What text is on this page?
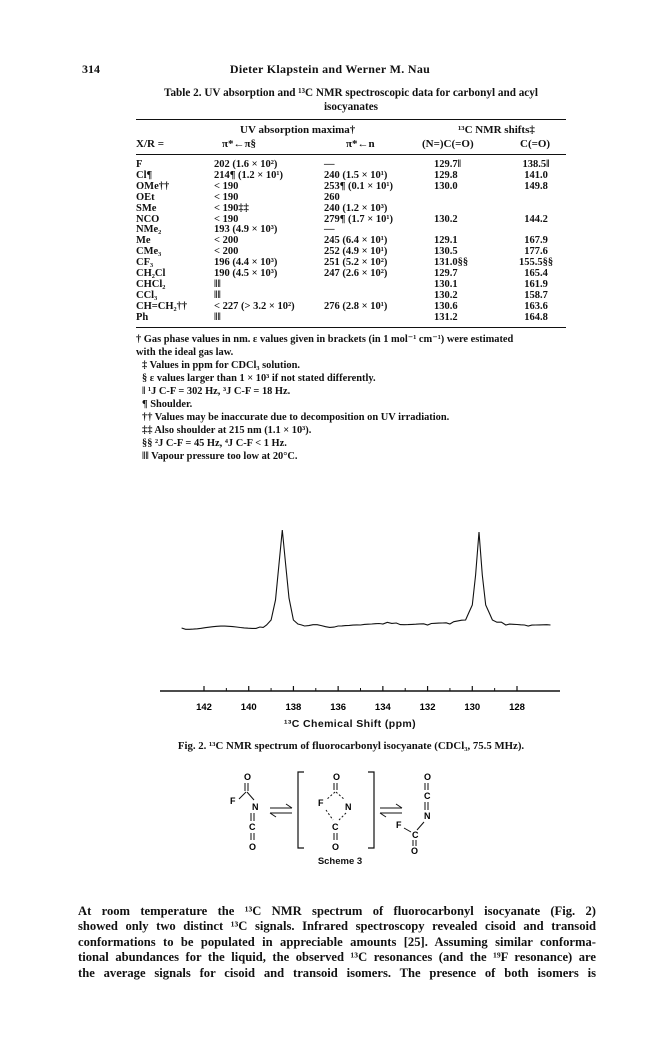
314	Dieter Klapstein and Werner M. Nau
Table 2. UV absorption and ¹³C NMR spectroscopic data for carbonyl and acyl
isocyanates
UV absorption maxima†	¹³C NMR shifts‡
X/R =	π*←π§	π*←n	(N=)C(=O)	C(=O)
F	202 (1.6 × 10²)	—	129.7‖	138.5‖
Cl¶	214¶ (1.2 × 10¹)	240 (1.5 × 10¹)	129.8	141.0
OMe††	< 190	253¶ (0.1 × 10¹)	130.0	149.8
OEt	< 190	260		
SMe	< 190‡‡	240 (1.2 × 10³)		
NCO	< 190	279¶ (1.7 × 10¹)	130.2	144.2
NMe₂	193 (4.9 × 10³)	—		
Me	< 200	245 (6.4 × 10¹)	129.1	167.9
CMe₃	< 200	252 (4.9 × 10¹)	130.5	177.6
CF₃	196 (4.4 × 10³)	251 (5.2 × 10²)	131.0§§	155.5§§
CH₂Cl	190 (4.5 × 10³)	247 (2.6 × 10²)	129.7	165.4
CHCl₂	‖‖		130.1	161.9
CCl₃	‖‖		130.2	158.7
CH=CH₂††	< 227 (> 3.2 × 10²)	276 (2.8 × 10¹)	130.6	163.6
Ph	‖‖		131.2	164.8
† Gas phase values in nm. ε values given in brackets (in 1 mol⁻¹ cm⁻¹) were estimated
with the ideal gas law.
‡ Values in ppm for CDCl₃ solution.
§ ε values larger than 1 × 10³ if not stated differently.
‖ ¹J C-F = 302 Hz, ³J C-F = 18 Hz.
¶ Shoulder.
†† Values may be inaccurate due to decomposition on UV irradiation.
‡‡ Also shoulder at 215 nm (1.1 × 10³).
§§ ²J C-F = 45 Hz, ⁴J C-F < 1 Hz.
‖‖ Vapour pressure too low at 20°C.
142	140	138	136	134	132	130	128
¹³C Chemical Shift (ppm)
Fig. 2. ¹³C NMR spectrum of fluorocarbonyl isocyanate (CDCl₃, 75.5 MHz).
O
F
N
C
O
O
F N
C
O
O
C
N
C
F
O
Scheme 3
At room temperature the ¹³C NMR spectrum of fluorocarbonyl isocyanate (Fig. 2)
showed only two distinct ¹³C signals. Infrared spectroscopy revealed cisoid and transoid
conformations to be populated in appreciable amounts [25]. Assuming similar conforma-
tional abundances for the liquid, the observed ¹³C resonances (and the ¹⁹F resonance) are
the average signals for cisoid and transoid isomers. The presence of both isomers is
